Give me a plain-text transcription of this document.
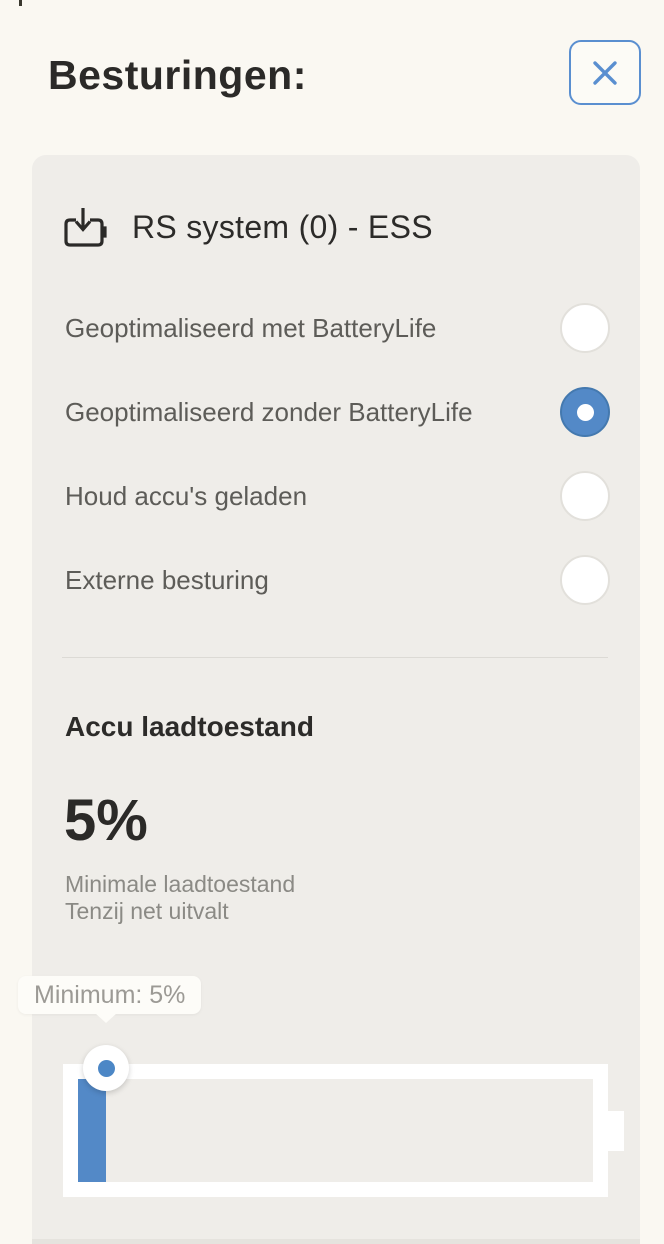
Besturingen:
RS system (0) - ESS
Geoptimaliseerd met BatteryLife
Geoptimaliseerd zonder BatteryLife
Houd accu's geladen
Externe besturing
Accu laadtoestand
5%
Minimale laadtoestand
Tenzij net uitvalt
Minimum: 5%
